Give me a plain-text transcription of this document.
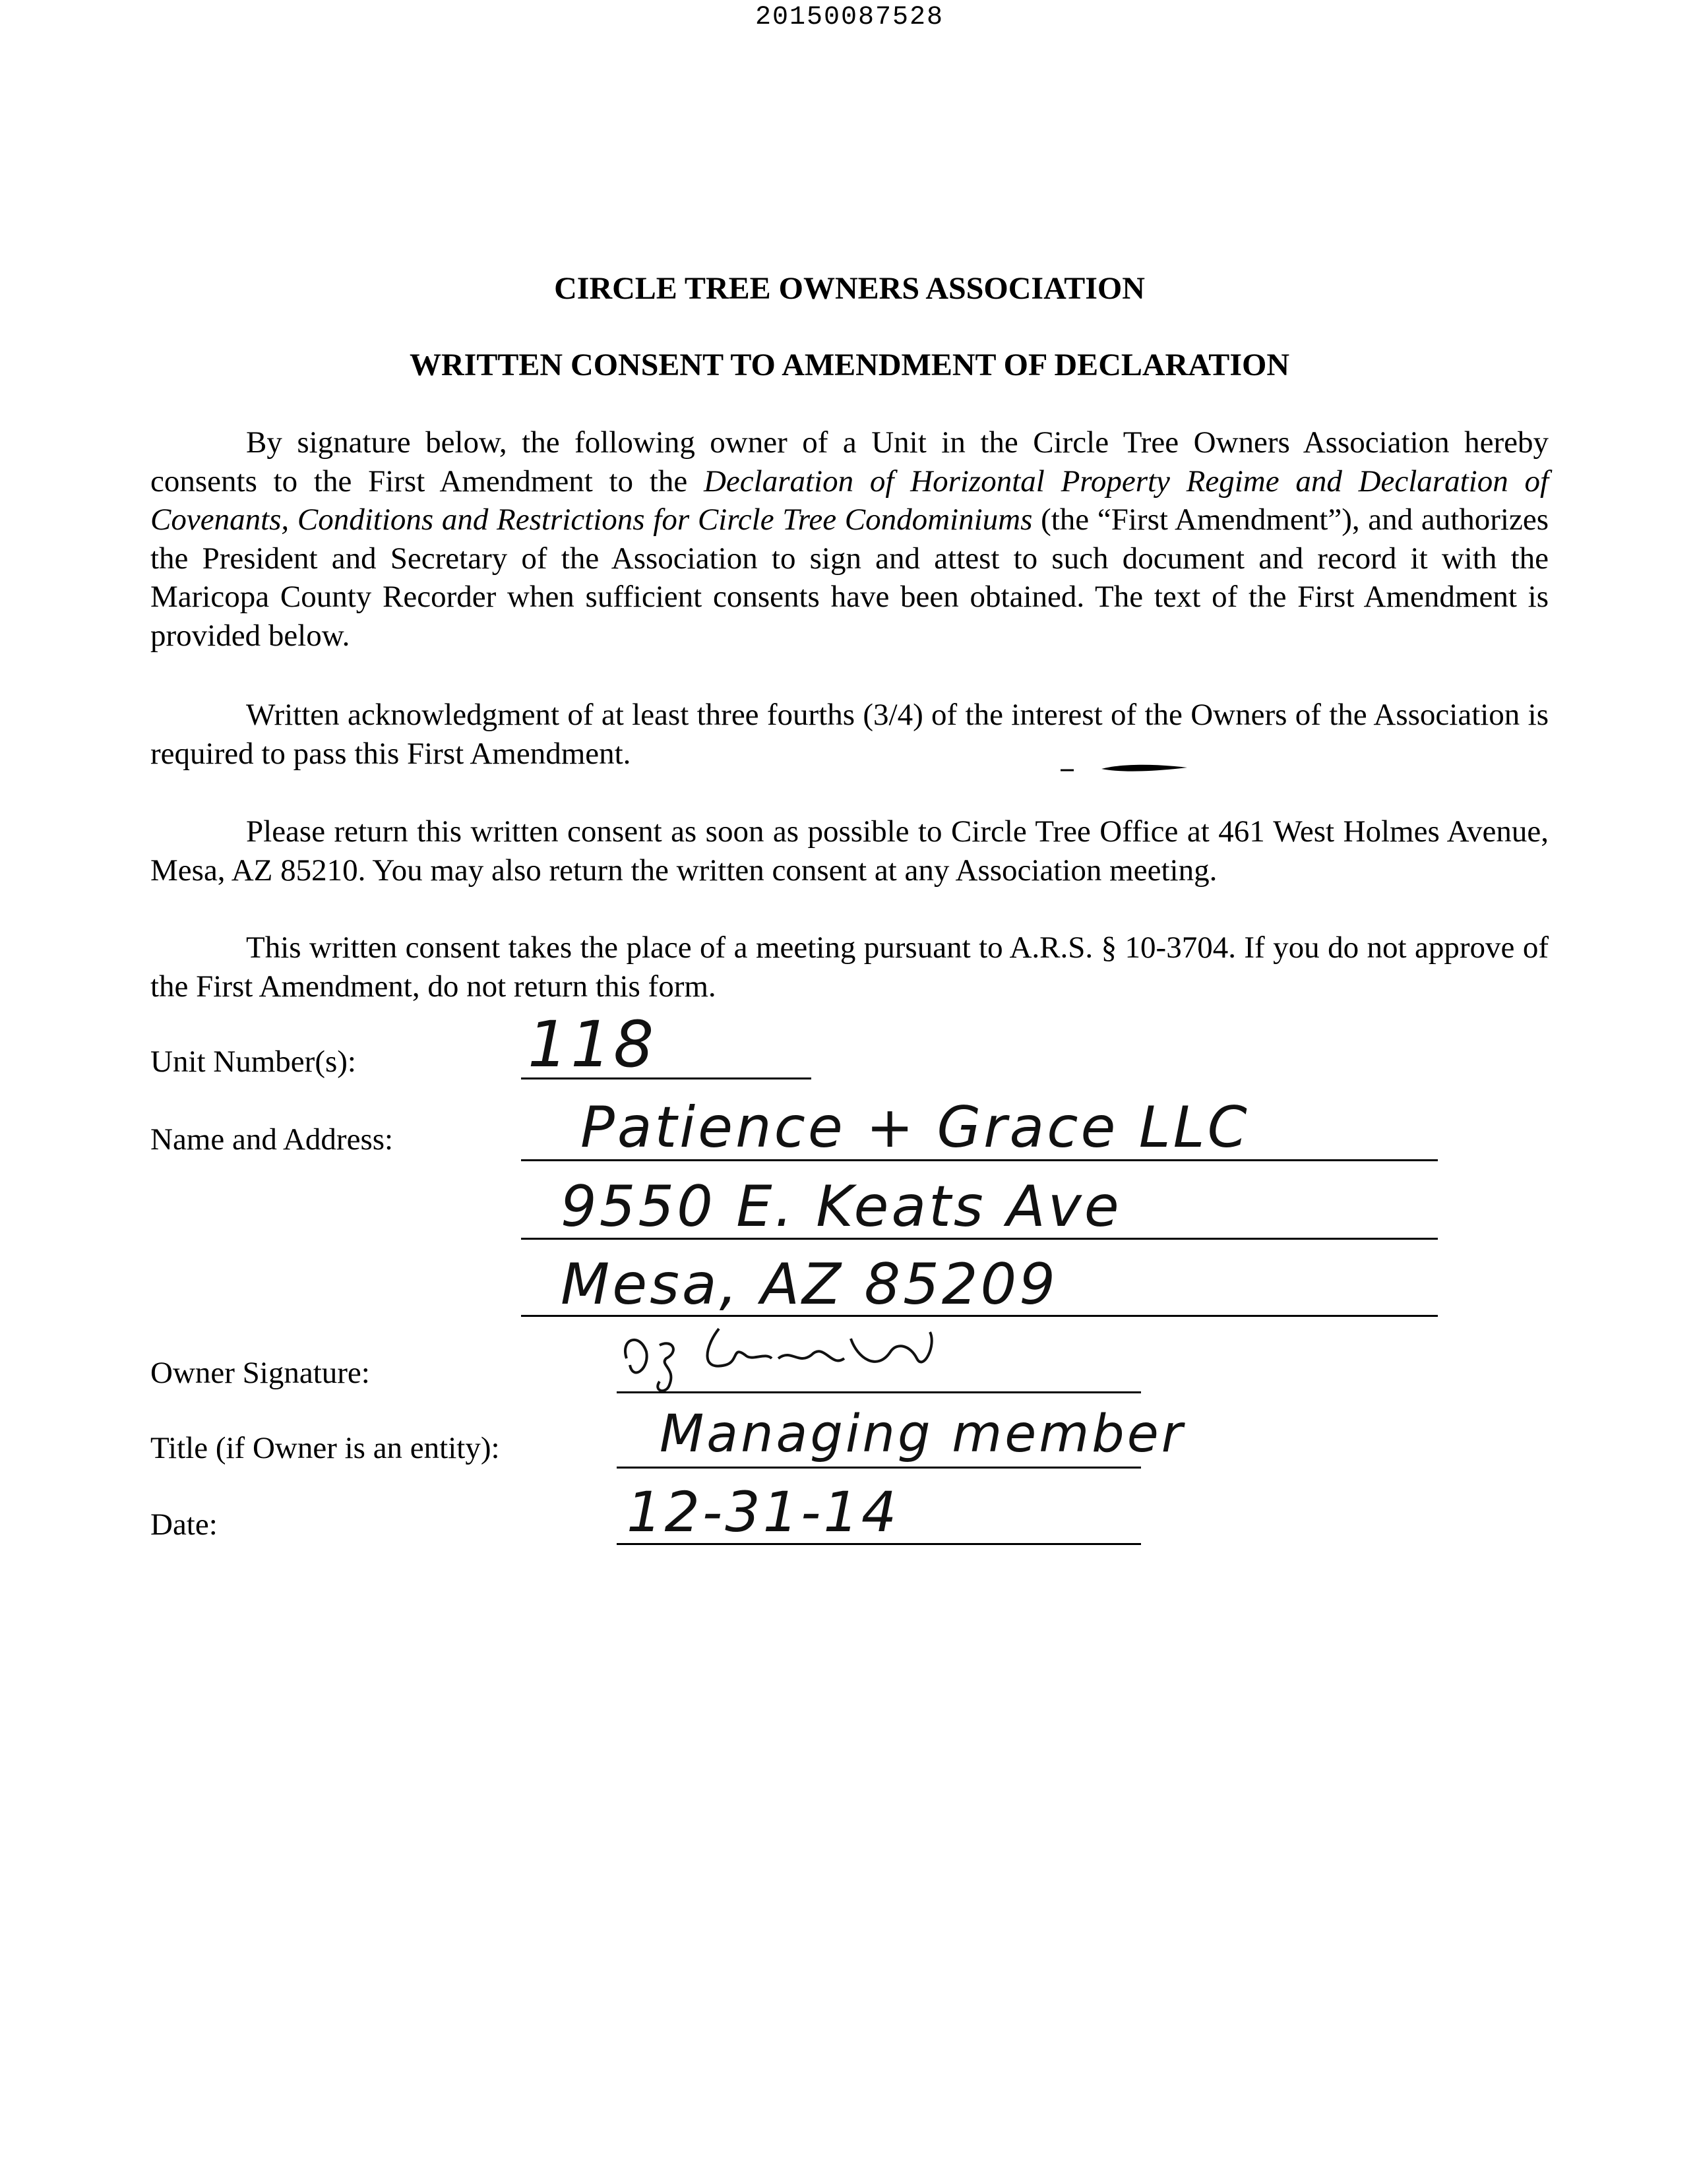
20150087528
CIRCLE TREE OWNERS ASSOCIATION
WRITTEN CONSENT TO AMENDMENT OF DECLARATION

By signature below, the following owner of a Unit in the Circle Tree Owners Association hereby consents to the First Amendment to the Declaration of Horizontal Property Regime and Declaration of Covenants, Conditions and Restrictions for Circle Tree Condominiums (the “First Amendment”), and authorizes the President and Secretary of the Association to sign and attest to such document and record it with the Maricopa County Recorder when sufficient consents have been obtained. The text of the First Amendment is provided below.

Written acknowledgment of at least three fourths (3/4) of the interest of the Owners of the Association is required to pass this First Amendment.

Please return this written consent as soon as possible to Circle Tree Office at 461 West Holmes Avenue, Mesa, AZ 85210. You may also return the written consent at any Association meeting.

This written consent takes the place of a meeting pursuant to A.R.S. § 10-3704. If you do not approve of the First Amendment, do not return this form.

Unit Number(s):	118
Name and Address:	Patience + Grace LLC
9550 E. Keats Ave
Mesa, AZ 85209
Owner Signature:
Title (if Owner is an entity):	Managing member
Date:	12-31-14
